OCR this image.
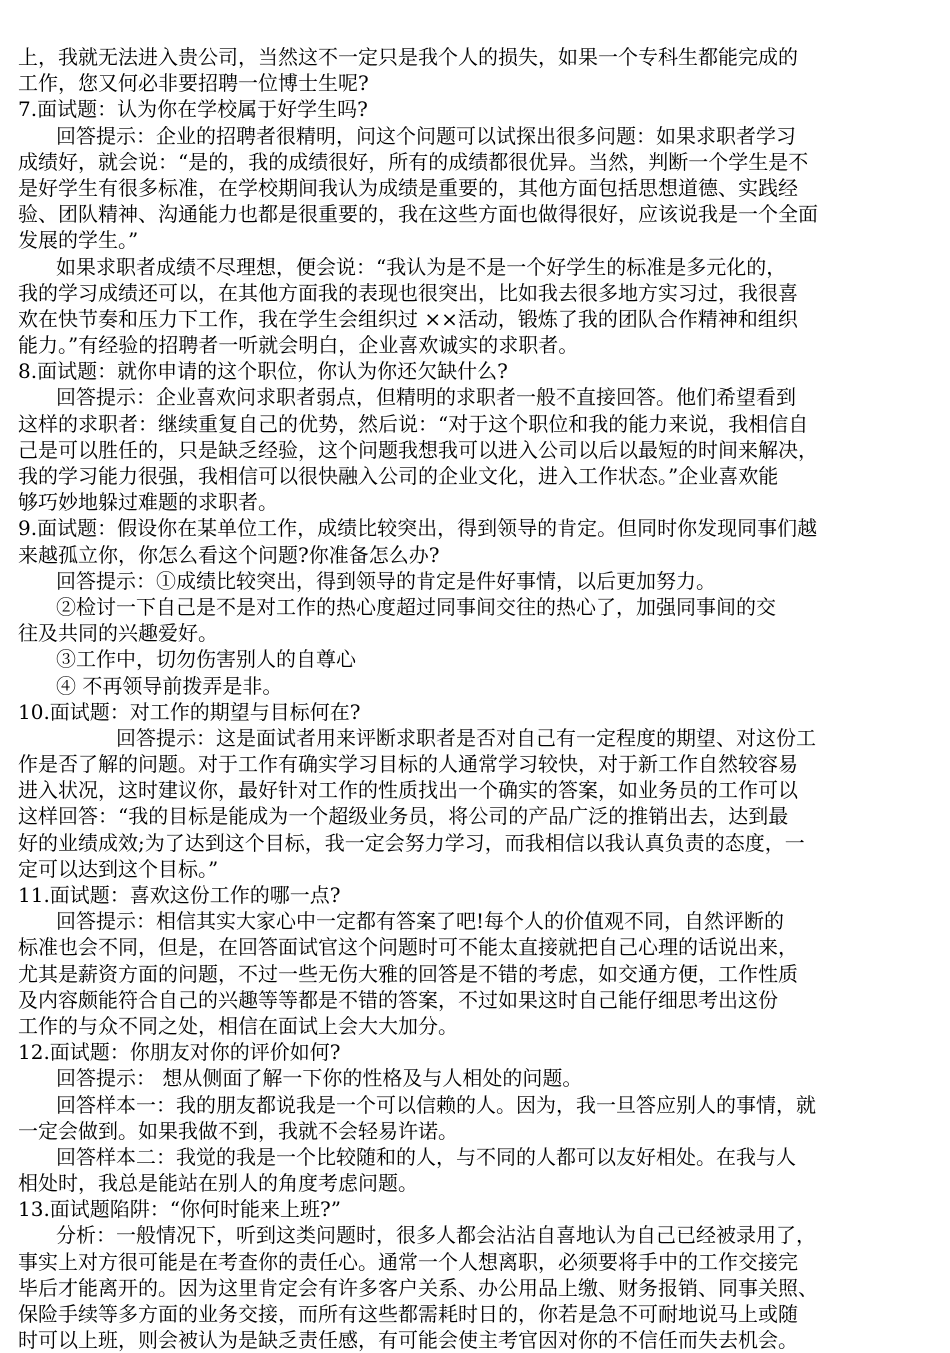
上，我就无法进入贵公司，当然这不一定只是我个人的损失，如果一个专科生都能完成的
工作，您又何必非要招聘一位博士生呢?
7.面试题：认为你在学校属于好学生吗?
回答提示：企业的招聘者很精明，问这个问题可以试探出很多问题：如果求职者学习
成绩好，就会说：“是的，我的成绩很好，所有的成绩都很优异。当然，判断一个学生是不
是好学生有很多标准，在学校期间我认为成绩是重要的，其他方面包括思想道德、实践经
验、团队精神、沟通能力也都是很重要的，我在这些方面也做得很好，应该说我是一个全面
发展的学生。”
如果求职者成绩不尽理想，便会说：“我认为是不是一个好学生的标准是多元化的，
我的学习成绩还可以，在其他方面我的表现也很突出，比如我去很多地方实习过，我很喜
欢在快节奏和压力下工作，我在学生会组织过 ××活动，锻炼了我的团队合作精神和组织
能力。”有经验的招聘者一听就会明白，企业喜欢诚实的求职者。
8.面试题：就你申请的这个职位，你认为你还欠缺什么?
回答提示：企业喜欢问求职者弱点，但精明的求职者一般不直接回答。他们希望看到
这样的求职者：继续重复自己的优势，然后说：“对于这个职位和我的能力来说，我相信自
己是可以胜任的，只是缺乏经验，这个问题我想我可以进入公司以后以最短的时间来解决，
我的学习能力很强，我相信可以很快融入公司的企业文化，进入工作状态。”企业喜欢能
够巧妙地躲过难题的求职者。
9.面试题：假设你在某单位工作，成绩比较突出，得到领导的肯定。但同时你发现同事们越
来越孤立你，你怎么看这个问题?你准备怎么办?
回答提示：①成绩比较突出，得到领导的肯定是件好事情，以后更加努力。
②检讨一下自己是不是对工作的热心度超过同事间交往的热心了，加强同事间的交
往及共同的兴趣爱好。
③工作中，切勿伤害别人的自尊心
④ 不再领导前拨弄是非。
10.面试题：对工作的期望与目标何在?
回答提示：这是面试者用来评断求职者是否对自己有一定程度的期望、对这份工
作是否了解的问题。对于工作有确实学习目标的人通常学习较快，对于新工作自然较容易
进入状况，这时建议你，最好针对工作的性质找出一个确实的答案，如业务员的工作可以
这样回答：“我的目标是能成为一个超级业务员，将公司的产品广泛的推销出去，达到最
好的业绩成效;为了达到这个目标，我一定会努力学习，而我相信以我认真负责的态度，一
定可以达到这个目标。”
11.面试题：喜欢这份工作的哪一点?
回答提示：相信其实大家心中一定都有答案了吧!每个人的价值观不同，自然评断的
标准也会不同，但是，在回答面试官这个问题时可不能太直接就把自己心理的话说出来，
尤其是薪资方面的问题，不过一些无伤大雅的回答是不错的考虑，如交通方便，工作性质
及内容颇能符合自己的兴趣等等都是不错的答案，不过如果这时自己能仔细思考出这份
工作的与众不同之处，相信在面试上会大大加分。
12.面试题：你朋友对你的评价如何?
回答提示： 想从侧面了解一下你的性格及与人相处的问题。
回答样本一：我的朋友都说我是一个可以信赖的人。因为，我一旦答应别人的事情，就
一定会做到。如果我做不到，我就不会轻易许诺。
回答样本二：我觉的我是一个比较随和的人，与不同的人都可以友好相处。在我与人
相处时，我总是能站在别人的角度考虑问题。
13.面试题陷阱：“你何时能来上班?”
分析：一般情况下，听到这类问题时，很多人都会沾沾自喜地认为自己已经被录用了，
事实上对方很可能是在考查你的责任心。通常一个人想离职，必须要将手中的工作交接完
毕后才能离开的。因为这里肯定会有许多客户关系、办公用品上缴、财务报销、同事关照、
保险手续等多方面的业务交接，而所有这些都需耗时日的，你若是急不可耐地说马上或随
时可以上班，则会被认为是缺乏责任感，有可能会使主考官因对你的不信任而失去机会。
